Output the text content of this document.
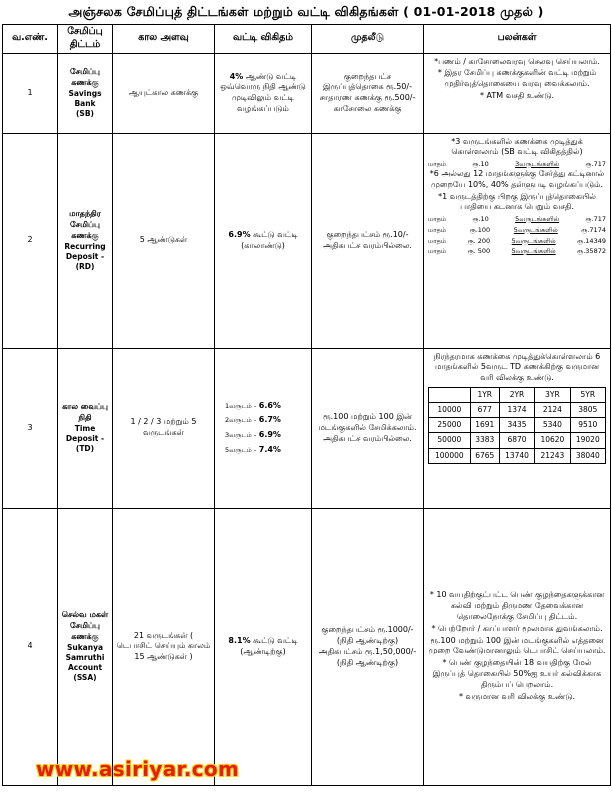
அஞ்சலக சேமிப்புத் திட்டங்கள் மற்றும் வட்டி விகிதங்கள் ( 01-01-2018 முதல் )
வ.எண்.	சேமிப்பு திட்டம்	கால அளவு	வட்டி விகிதம்	முதலீடு	பலன்கள்
1	
சேமிப்பு கணக்கு
Savings Bank
(SB)
	ஆயுட்கால கணக்கு	4% ஆண்டு வட்டி ஒவ்வொரு நிதி ஆண்டு முடிவிலும் வட்டி வழங்கப்படும்	குறைந்தபட்ச இருப்புத்தொகை ரூ.50/-சாதாரண கணக்கு ரூ.500/-காசோலை கணக்கு	

*பணம் / காசோலைவரவு செலவு செய்யலாம்.

* இதர சேமிப்பு கணக்குகளின் வட்டி மற்றும் முதிர்வுத்தொகையை வரவு வைக்கலாம்.

* ATM வசதி உண்டு.

2	
மாதந்திர சேமிப்பு கணக்கு
Recurring Deposit -
(RD)
	5 ஆண்டுகள்	6.9% கூட்டு வட்டி (காலாண்டு)	குறைந்தபட்சம் ரூ.10/- அதிகபட்ச வரம்பில்லை.	

*3 வருடங்களில் கணக்கை முடித்துக் கொள்ளலாம் (SB வட்டி விகிதத்தில்)

மாதம்	ரூ.10	3வருடங்களில்	ரூ.717

*6 அல்லது 12 மாதங்களுக்கு சேர்த்து கட்டினால் முறையே 10%, 40% தள்ளுபடி வழங்கப்படும்.

*1 வருடத்திற்கு பிறகு இருப்புத்தொகையில் பாதியை கடனாக பெறும் வசதி.

மாதம்	ரூ.10	5வருடங்களில்	ரூ.717
மாதம்	ரூ.100	5வருடங்களில்	ரூ.7174
மாதம்	ரூ. 200	5வருடங்களில்	ரூ.14349
மாதம்	ரூ. 500	5வருடங்களில்	ரூ.35872

3	
கால வைப்பு நிதி
Time Deposit -
(TD)
	1 / 2 / 3 மற்றும் 5 வருடங்கள்	
1வருடம் - 6.6%
2வருடம் - 6.7%
3வருடம் - 6.9%
5வருடம் - 7.4%
	ரூ.100 மற்றும் 100 இன் மடங்குகளில் சேமிக்கலாம். அதிகபட்ச வரம்பில்லை.	

நிரந்தரமாக கணக்கை முடித்துக்கொள்ளலாம் 6 மாதங்களில் 5வருட TD கணக்கிற்கு வருமான வரி விலக்கு உண்டு.

	1YR	2YR	3YR	5YR
10000	677	1374	2124	3805
25000	1691	3435	5340	9510
50000	3383	6870	10620	19020
100000	6765	13740	21243	38040

4	
செல்வ மகள் சேமிப்பு கணக்கு
Sukanya Samruthi Account
(SSA)
	21 வருடங்கள் ( டெபாசிட் செய்யும் காலம் 15 ஆண்டுகள் )	8.1% கூட்டு வட்டி (ஆண்டிற்கு)	குறைந்தபட்சம் ரூ.1000/-(நிதி ஆண்டிற்கு) அதிகபட்சம் ரூ.1,50,000/- (நிதி ஆண்டிற்கு)	

* 10 வயதிற்குட்பட்ட பெண் குழந்தைகளுக்கான கல்வி மற்றும் திருமண தேவைக்கான தொலைநோக்கு சேமிப்பு திட்டம்.

* பெற்றோர் / காப்பாளர் மூலமாக துவங்கலாம்.

ரூ.100 மற்றும் 100 இன் மடங்குகளில் எத்தனை முறை வேண்டுமானாலும் டெபாசிட் செய்யலாம்.

* பெண் குழந்தையின் 18 வயதிற்கு மேல் இருப்புத் தொகையில் 50%ஐ உயர் கல்விக்காக திரும்பப் பெறலாம்.

* வருமான வரி விலக்கு உண்டு.

www.asiriyar.com
